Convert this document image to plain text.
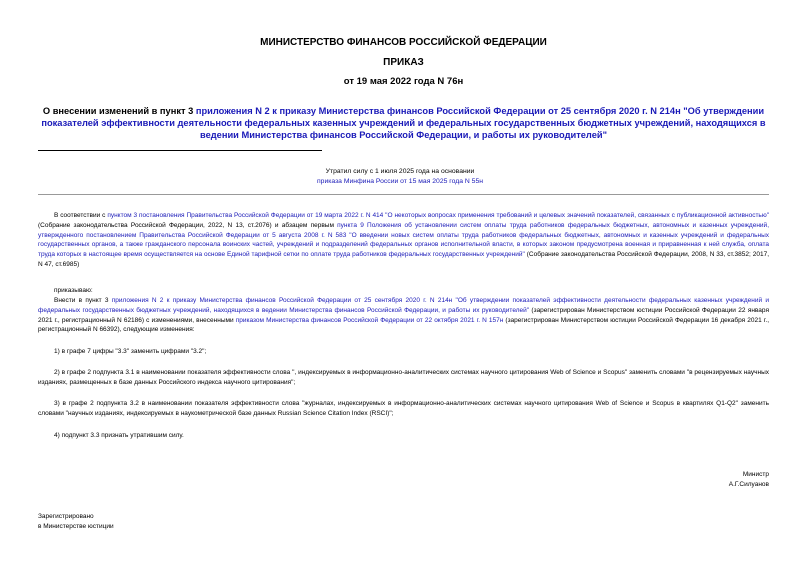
МИНИСТЕРСТВО ФИНАНСОВ РОССИЙСКОЙ ФЕДЕРАЦИИ
ПРИКАЗ
от 19 мая 2022 года N 76н
О внесении изменений в пункт 3 приложения N 2 к приказу Министерства финансов Российской Федерации от 25 сентября 2020 г. N 214н "Об утверждении показателей эффективности деятельности федеральных казенных учреждений и федеральных государственных бюджетных учреждений, находящихся в ведении Министерства финансов Российской Федерации, и работы их руководителей"
Утратил силу с 1 июля 2025 года на основании
приказа Минфина России от 15 мая 2025 года N 55н
В соответствии с пунктом 3 постановления Правительства Российской Федерации от 19 марта 2022 г. N 414 "О некоторых вопросах применения требований и целевых значений показателей, связанных с публикационной активностью" (Собрание законодательства Российской Федерации, 2022, N 13, ст.2076) и абзацем первым пункта 9 Положения об установлении систем оплаты труда работников федеральных бюджетных, автономных и казенных учреждений, утвержденного постановлением Правительства Российской Федерации от 5 августа 2008 г. N 583 "О введении новых систем оплаты труда работников федеральных бюджетных, автономных и казенных учреждений и федеральных государственных органов, а также гражданского персонала воинских частей, учреждений и подразделений федеральных органов исполнительной власти, в которых законом предусмотрена военная и приравненная к ней служба, оплата труда которых в настоящее время осуществляется на основе Единой тарифной сетки по оплате труда работников федеральных государственных учреждений" (Собрание законодательства Российской Федерации, 2008, N 33, ст.3852; 2017, N 47, ст.6985)
приказываю:
Внести в пункт 3 приложения N 2 к приказу Министерства финансов Российской Федерации от 25 сентября 2020 г. N 214н "Об утверждении показателей эффективности деятельности федеральных казенных учреждений и федеральных государственных бюджетных учреждений, находящихся в ведении Министерства финансов Российской Федерации, и работы их руководителей" (зарегистрирован Министерством юстиции Российской Федерации 22 января 2021 г., регистрационный N 62186) с изменениями, внесенными приказом Министерства финансов Российской Федерации от 22 октября 2021 г. N 157н (зарегистрирован Министерством юстиции Российской Федерации 16 декабря 2021 г., регистрационный N 66392), следующие изменения:
1) в графе 7 цифры "3.3" заменить цифрами "3.2";
2) в графе 2 подпункта 3.1 в наименовании показателя эффективности слова ", индексируемых в информационно-аналитических системах научного цитирования Web of Science и Scopus" заменить словами "в рецензируемых научных изданиях, размещенных в базе данных Российского индекса научного цитирования";
3) в графе 2 подпункта 3.2 в наименовании показателя эффективности слова "журналах, индексируемых в информационно-аналитических системах научного цитирования Web of Science и Scopus в квартилях Q1-Q2" заменить словами "научных изданиях, индексируемых в наукометрической базе данных Russian Science Citation Index (RSCI)";
4) подпункт 3.3 признать утратившим силу.
Министр
А.Г.Силуанов
Зарегистрировано
в Министерстве юстиции
